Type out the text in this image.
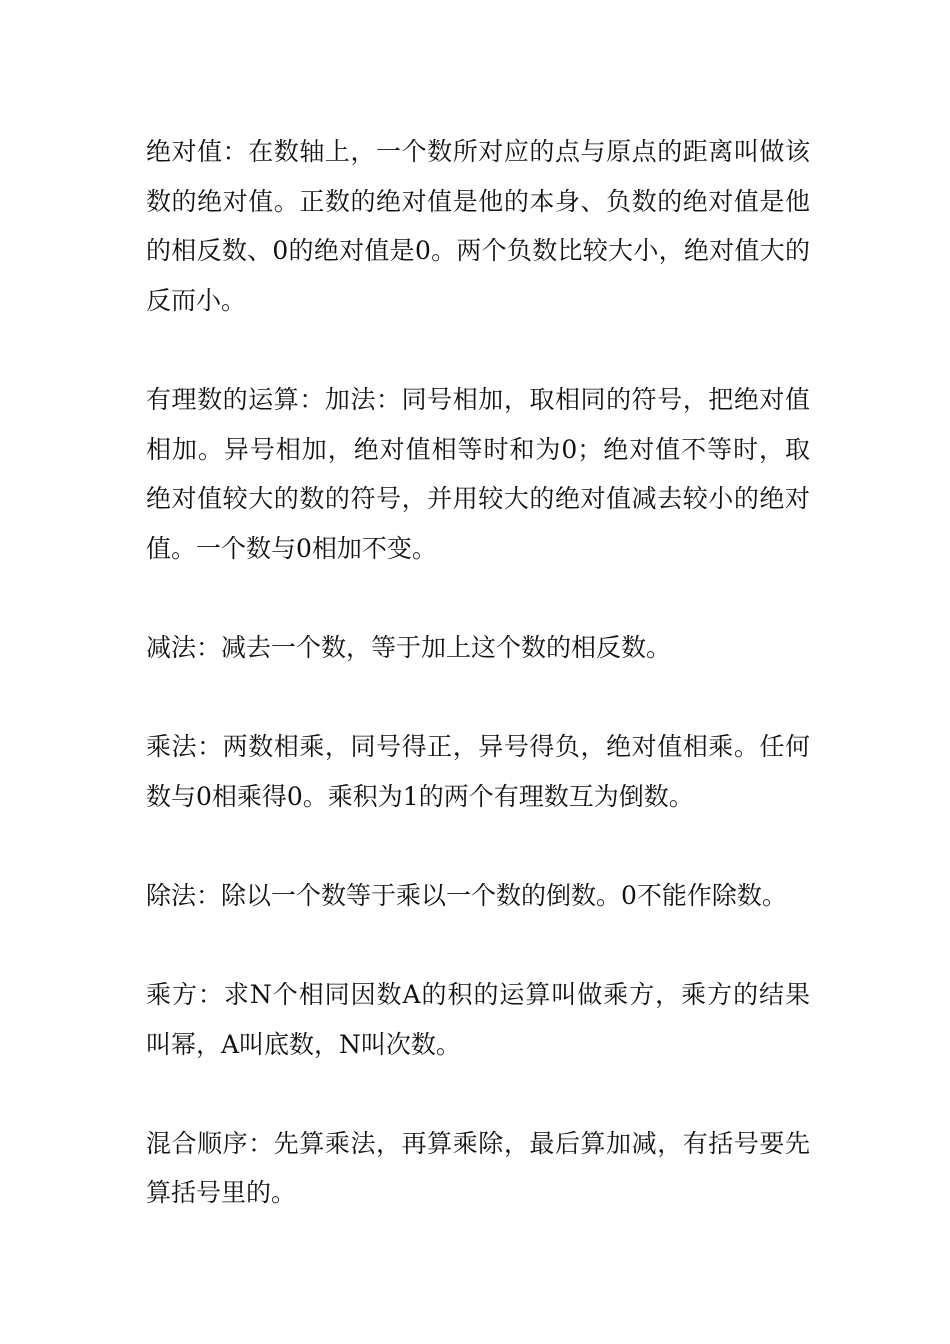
绝对值：在数轴上，一个数所对应的点与原点的距离叫做该数的绝对值。正数的绝对值是他的本身、负数的绝对值是他的相反数、0的绝对值是0。两个负数比较大小，绝对值大的反而小。

有理数的运算：加法：同号相加，取相同的符号，把绝对值相加。异号相加，绝对值相等时和为0；绝对值不等时，取绝对值较大的数的符号，并用较大的绝对值减去较小的绝对值。一个数与0相加不变。

减法：减去一个数，等于加上这个数的相反数。

乘法：两数相乘，同号得正，异号得负，绝对值相乘。任何数与0相乘得0。乘积为1的两个有理数互为倒数。

除法：除以一个数等于乘以一个数的倒数。0不能作除数。

乘方：求N个相同因数A的积的运算叫做乘方，乘方的结果叫幂，A叫底数，N叫次数。

混合顺序：先算乘法，再算乘除，最后算加减，有括号要先算括号里的。
